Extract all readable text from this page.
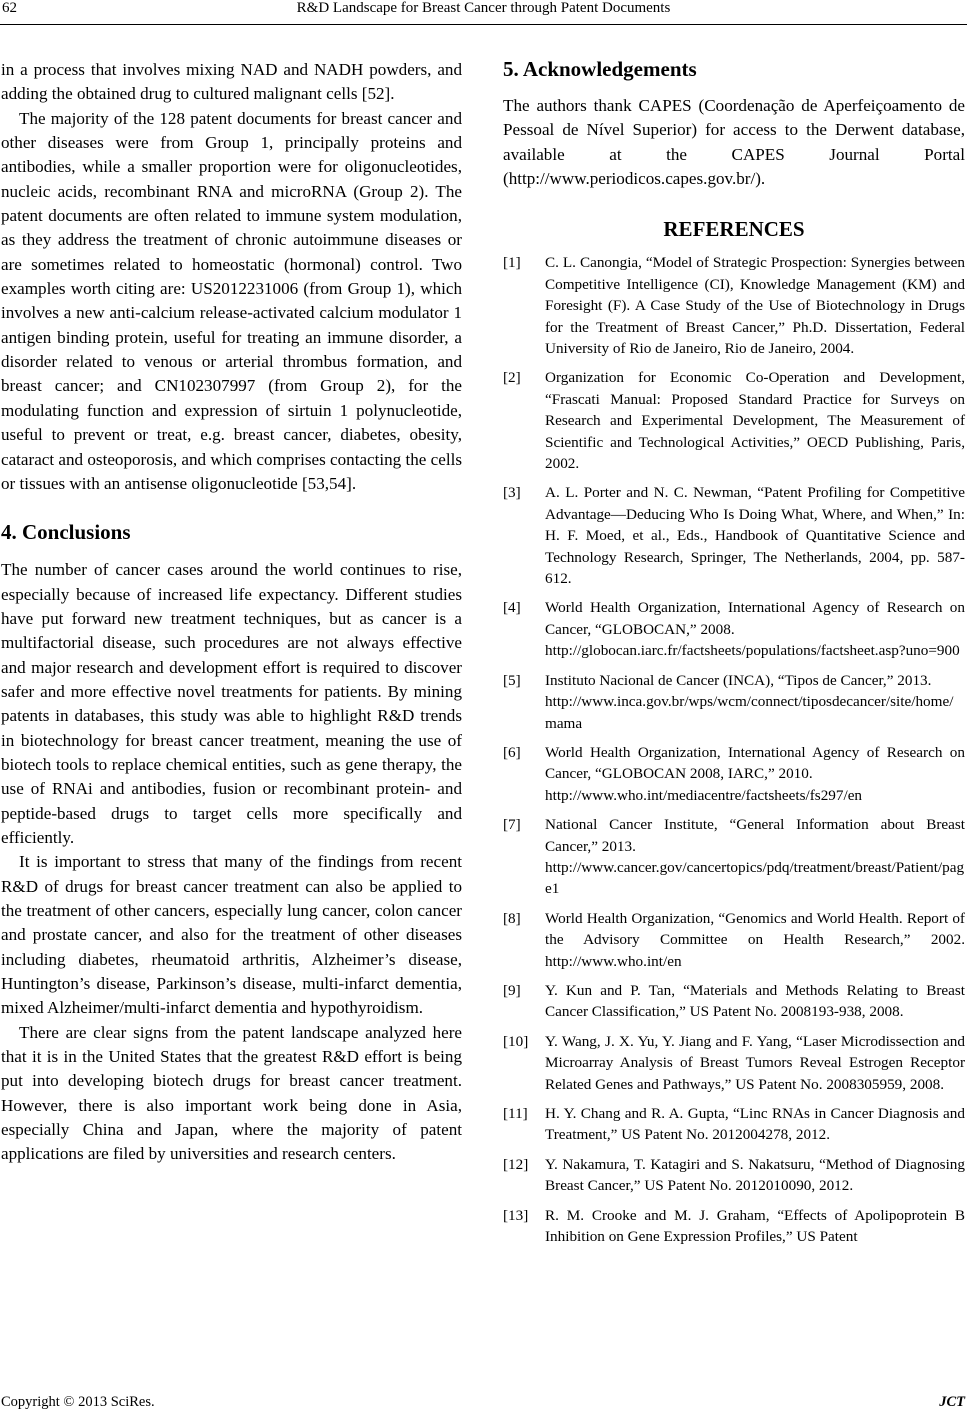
62	R&D Landscape for Breast Cancer through Patent Documents

in a process that involves mixing NAD and NADH powders, and adding the obtained drug to cultured malignant cells [52].

The majority of the 128 patent documents for breast cancer and other diseases were from Group 1, principally proteins and antibodies, while a smaller proportion were for oligonucleotides, nucleic acids, recombinant RNA and microRNA (Group 2). The patent documents are often related to immune system modulation, as they address the treatment of chronic autoimmune diseases or are sometimes related to homeostatic (hormonal) control. Two examples worth citing are: US2012231006 (from Group 1), which involves a new anti-calcium release-activated calcium modulator 1 antigen binding protein, useful for treating an immune disorder, a disorder related to venous or arterial thrombus formation, and breast cancer; and CN102307997 (from Group 2), for the modulating function and expression of sirtuin 1 polynucleotide, useful to prevent or treat, e.g. breast cancer, diabetes, obesity, cataract and osteoporosis, and which comprises contacting the cells or tissues with an antisense oligonucleotide [53,54].

4. Conclusions

The number of cancer cases around the world continues to rise, especially because of increased life expectancy. Different studies have put forward new treatment techniques, but as cancer is a multifactorial disease, such procedures are not always effective and major research and development effort is required to discover safer and more effective novel treatments for patients. By mining patents in databases, this study was able to highlight R&D trends in biotechnology for breast cancer treatment, meaning the use of biotech tools to replace chemical entities, such as gene therapy, the use of RNAi and antibodies, fusion or recombinant protein- and peptide-based drugs to target cells more specifically and efficiently.

It is important to stress that many of the findings from recent R&D of drugs for breast cancer treatment can also be applied to the treatment of other cancers, especially lung cancer, colon cancer and prostate cancer, and also for the treatment of other diseases including diabetes, rheumatoid arthritis, Alzheimer’s disease, Huntington’s disease, Parkinson’s disease, multi-infarct dementia, mixed Alzheimer/multi-infarct dementia and hypothyroidism.

There are clear signs from the patent landscape analyzed here that it is in the United States that the greatest R&D effort is being put into developing biotech drugs for breast cancer treatment. However, there is also important work being done in Asia, especially China and Japan, where the majority of patent applications are filed by universities and research centers.

5. Acknowledgements

The authors thank CAPES (Coordenação de Aperfeiçoamento de Pessoal de Nível Superior) for access to the Derwent database, available at the CAPES Journal Portal (http://www.periodicos.capes.gov.br/).

REFERENCES
[1]	C. L. Canongia, “Model of Strategic Prospection: Synergies between Competitive Intelligence (CI), Knowledge Management (KM) and Foresight (F). A Case Study of the Use of Biotechnology in Drugs for the Treatment of Breast Cancer,” Ph.D. Dissertation, Federal University of Rio de Janeiro, Rio de Janeiro, 2004.
[2]	Organization for Economic Co-Operation and Development, “Frascati Manual: Proposed Standard Practice for Surveys on Research and Experimental Development, The Measurement of Scientific and Technological Activities,” OECD Publishing, Paris, 2002.
[3]	A. L. Porter and N. C. Newman, “Patent Profiling for Competitive Advantage—Deducing Who Is Doing What, Where, and When,” In: H. F. Moed, et al., Eds., Handbook of Quantitative Science and Technology Research, Springer, The Netherlands, 2004, pp. 587-612.
[4]	World Health Organization, International Agency of Research on Cancer, “GLOBOCAN,” 2008.
http://globocan.iarc.fr/factsheets/populations/factsheet.asp?uno=900
[5]	Instituto Nacional de Cancer (INCA), “Tipos de Cancer,” 2013.
http://www.inca.gov.br/wps/wcm/connect/tiposdecancer/site/home/mama
[6]	World Health Organization, International Agency of Research on Cancer, “GLOBOCAN 2008, IARC,” 2010.
http://www.who.int/mediacentre/factsheets/fs297/en
[7]	National Cancer Institute, “General Information about Breast Cancer,” 2013.
http://www.cancer.gov/cancertopics/pdq/treatment/breast/Patient/page1
[8]	World Health Organization, “Genomics and World Health. Report of the Advisory Committee on Health Research,” 2002. http://www.who.int/en
[9]	Y. Kun and P. Tan, “Materials and Methods Relating to Breast Cancer Classification,” US Patent No. 2008193-938, 2008.
[10]	Y. Wang, J. X. Yu, Y. Jiang and F. Yang, “Laser Microdissection and Microarray Analysis of Breast Tumors Reveal Estrogen Receptor Related Genes and Pathways,” US Patent No. 2008305959, 2008.
[11]	H. Y. Chang and R. A. Gupta, “Linc RNAs in Cancer Diagnosis and Treatment,” US Patent No. 2012004278, 2012.
[12]	Y. Nakamura, T. Katagiri and S. Nakatsuru, “Method of Diagnosing Breast Cancer,” US Patent No. 2012010090, 2012.
[13]	R. M. Crooke and M. J. Graham, “Effects of Apolipoprotein B Inhibition on Gene Expression Profiles,” US Patent
Copyright © 2013 SciRes.	JCT
